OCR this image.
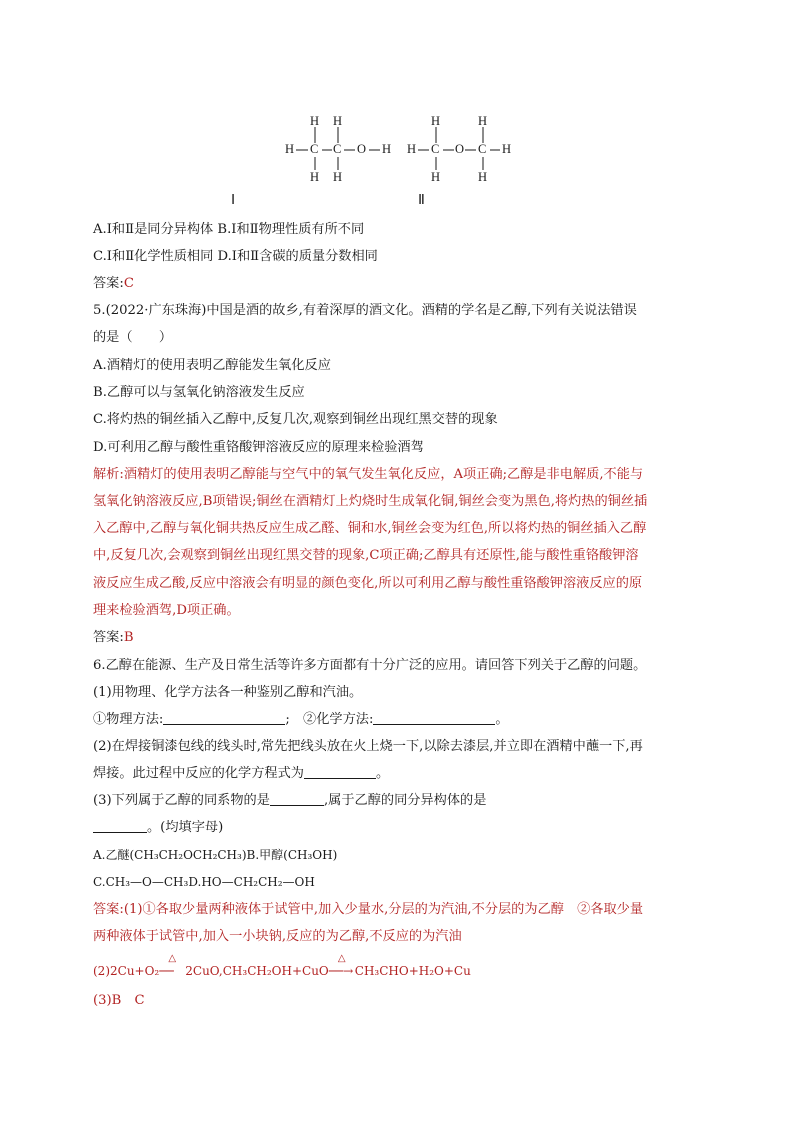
H H
H C C O H
H H
H	H
H C O C H
H	H
Ⅰ	Ⅱ
A.Ⅰ和Ⅱ是同分异构体 B.Ⅰ和Ⅱ物理性质有所不同
C.Ⅰ和Ⅱ化学性质相同 D.Ⅰ和Ⅱ含碳的质量分数相同
答案:C
5.(2022·广东珠海)中国是酒的故乡,有着深厚的酒文化。酒精的学名是乙醇,下列有关说法错误
的是（　　）
A.酒精灯的使用表明乙醇能发生氧化反应
B.乙醇可以与氢氧化钠溶液发生反应
C.将灼热的铜丝插入乙醇中,反复几次,观察到铜丝出现红黑交替的现象
D.可利用乙醇与酸性重铬酸钾溶液反应的原理来检验酒驾
解析:酒精灯的使用表明乙醇能与空气中的氧气发生氧化反应，A项正确;乙醇是非电解质,不能与
氢氧化钠溶液反应,B项错误;铜丝在酒精灯上灼烧时生成氧化铜,铜丝会变为黑色,将灼热的铜丝插
入乙醇中,乙醇与氧化铜共热反应生成乙醛、铜和水,铜丝会变为红色,所以将灼热的铜丝插入乙醇
中,反复几次,会观察到铜丝出现红黑交替的现象,C项正确;乙醇具有还原性,能与酸性重铬酸钾溶
液反应生成乙酸,反应中溶液会有明显的颜色变化,所以可利用乙醇与酸性重铬酸钾溶液反应的原
理来检验酒驾,D项正确。
答案:B
6.乙醇在能源、生产及日常生活等许多方面都有十分广泛的应用。请回答下列关于乙醇的问题。
(1)用物理、化学方法各一种鉴别乙醇和汽油。
①物理方法:	;　②化学方法:	。
(2)在焊接铜漆包线的线头时,常先把线头放在火上烧一下,以除去漆层,并立即在酒精中蘸一下,再
焊接。此过程中反应的化学方程式为	。
(3)下列属于乙醇的同系物的是	,属于乙醇的同分异构体的是
。(均填字母)
A.乙醚(CH₃CH₂OCH₂CH₃)B.甲醇(CH₃OH)
C.CH₃—O—CH₃D.HO—CH₂CH₂—OH
答案:(1)①各取少量两种液体于试管中,加入少量水,分层的为汽油,不分层的为乙醇　②各取少量
两种液体于试管中,加入一小块钠,反应的为乙醇,不反应的为汽油
(2)2Cu+O₂
△
── 2CuO,CH₃CH₂OH+CuO
△
──→CH₃CHO+H₂O+Cu
(3)B　C
